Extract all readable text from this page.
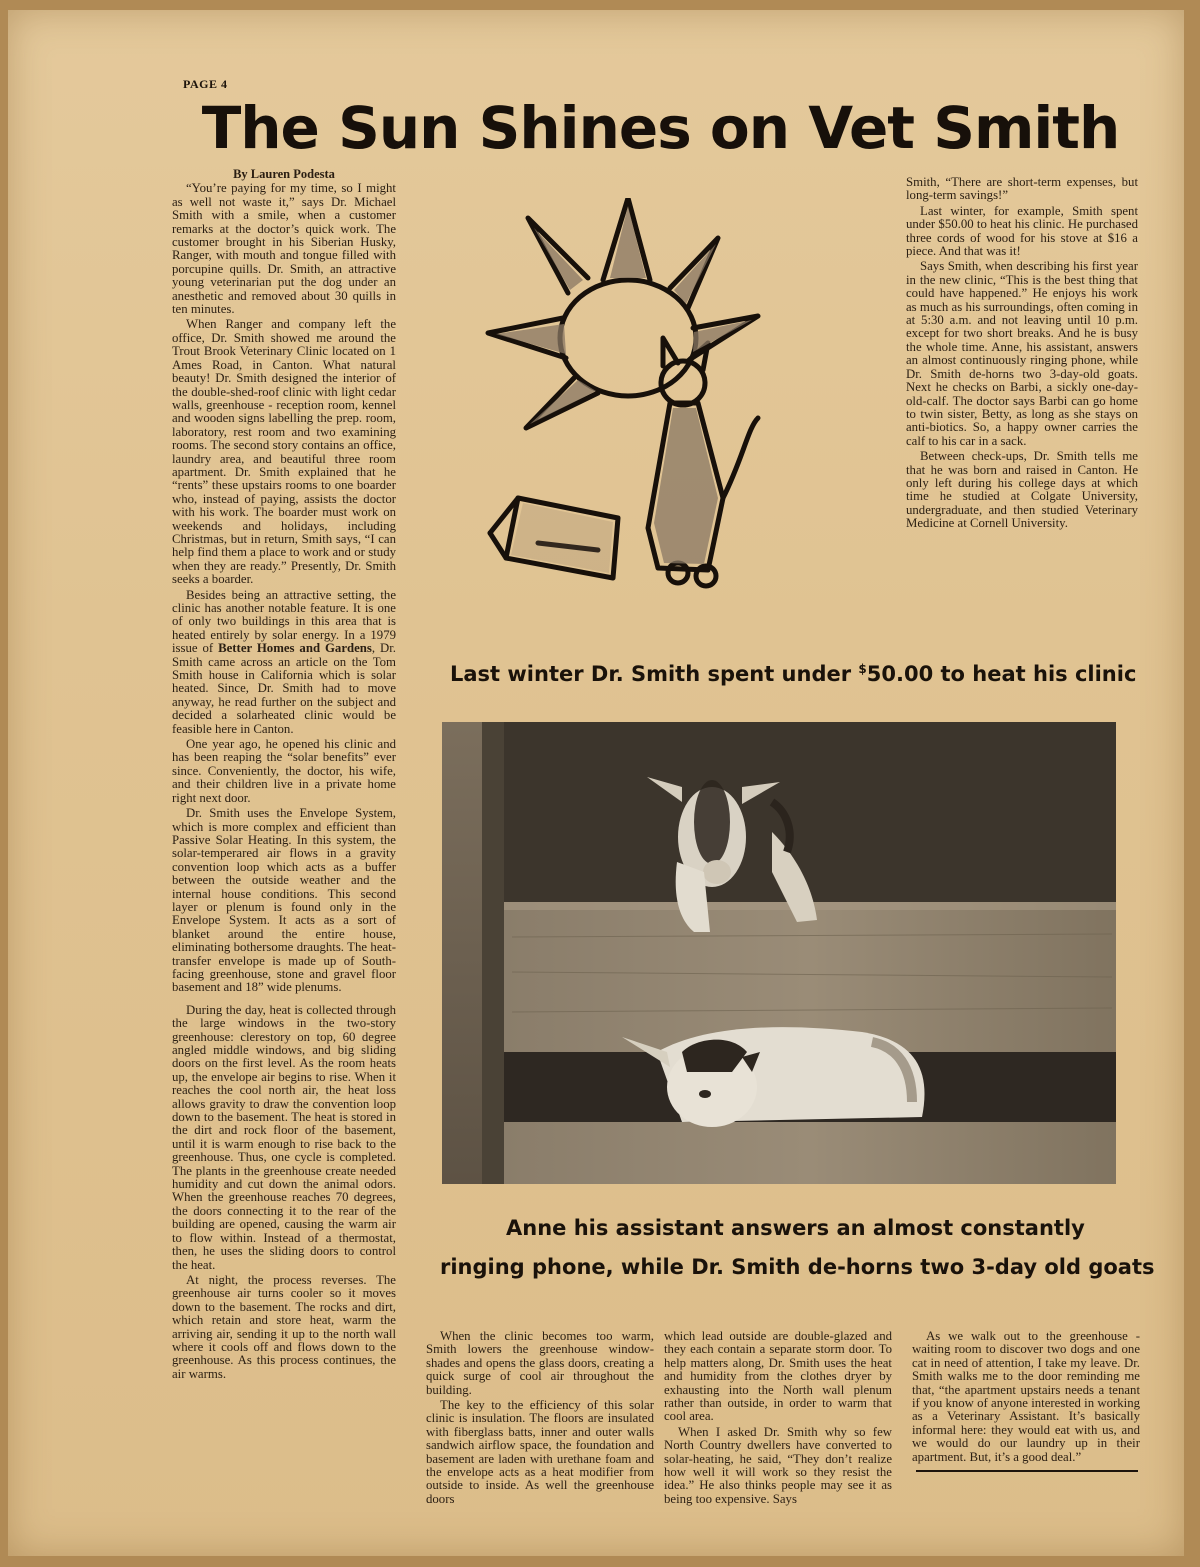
PAGE 4
The Sun Shines on Vet Smith
By Lauren Podesta

“You’re paying for my time, so I might as well not waste it,” says Dr. Michael Smith with a smile, when a customer remarks at the doctor’s quick work. The customer brought in his Siberian Husky, Ranger, with mouth and tongue filled with porcupine quills. Dr. Smith, an attractive young veterinarian put the dog under an anesthetic and removed about 30 quills in ten minutes.

When Ranger and company left the office, Dr. Smith showed me around the Trout Brook Veterinary Clinic located on 1 Ames Road, in Canton. What natural beauty! Dr. Smith designed the interior of the double-shed-roof clinic with light cedar walls, greenhouse - reception room, kennel and wooden signs labelling the prep. room, laboratory, rest room and two examining rooms. The second story contains an office, laundry area, and beautiful three room apartment. Dr. Smith explained that he “rents” these upstairs rooms to one boarder who, instead of paying, assists the doctor with his work. The boarder must work on weekends and holidays, including Christmas, but in return, Smith says, “I can help find them a place to work and or study when they are ready.” Presently, Dr. Smith seeks a boarder.

Besides being an attractive setting, the clinic has another notable feature. It is one of only two buildings in this area that is heated entirely by solar energy. In a 1979 issue of Better Homes and Gardens, Dr. Smith came across an article on the Tom Smith house in California which is solar heated. Since, Dr. Smith had to move anyway, he read further on the subject and decided a solarheated clinic would be feasible here in Canton.

One year ago, he opened his clinic and has been reaping the “solar benefits” ever since. Conveniently, the doctor, his wife, and their children live in a private home right next door.

Dr. Smith uses the Envelope System, which is more complex and efficient than Passive Solar Heating. In this system, the solar-temperared air flows in a gravity convention loop which acts as a buffer between the outside weather and the internal house conditions. This second layer or plenum is found only in the Envelope System. It acts as a sort of blanket around the entire house, eliminating bothersome draughts. The heat-transfer envelope is made up of South-facing greenhouse, stone and gravel floor basement and 18” wide plenums.

During the day, heat is collected through the large windows in the two-story greenhouse: clerestory on top, 60 degree angled middle windows, and big sliding doors on the first level. As the room heats up, the envelope air begins to rise. When it reaches the cool north air, the heat loss allows gravity to draw the convention loop down to the basement. The heat is stored in the dirt and rock floor of the basement, until it is warm enough to rise back to the greenhouse. Thus, one cycle is completed. The plants in the greenhouse create needed humidity and cut down the animal odors. When the greenhouse reaches 70 degrees, the doors connecting it to the rear of the building are opened, causing the warm air to flow within. Instead of a thermostat, then, he uses the sliding doors to control the heat.

At night, the process reverses. The greenhouse air turns cooler so it moves down to the basement. The rocks and dirt, which retain and store heat, warm the arriving air, sending it up to the north wall where it cools off and flows down to the greenhouse. As this process continues, the air warms.

Smith, “There are short-term expenses, but long-term savings!”

Last winter, for example, Smith spent under $50.00 to heat his clinic. He purchased three cords of wood for his stove at $16 a piece. And that was it!

Says Smith, when describing his first year in the new clinic, “This is the best thing that could have happened.” He enjoys his work as much as his surroundings, often coming in at 5:30 a.m. and not leaving until 10 p.m. except for two short breaks. And he is busy the whole time. Anne, his assistant, answers an almost continuously ringing phone, while Dr. Smith de-horns two 3-day-old goats. Next he checks on Barbi, a sickly one-day-old-calf. The doctor says Barbi can go home to twin sister, Betty, as long as she stays on anti-biotics. So, a happy owner carries the calf to his car in a sack.

Between check-ups, Dr. Smith tells me that he was born and raised in Canton. He only left during his college days at which time he studied at Colgate University, undergraduate, and then studied Veterinary Medicine at Cornell University.

Last winter Dr. Smith spent under $50.00 to heat his clinic
Anne his assistant answers an almost constantly
ringing phone, while Dr. Smith de-horns two 3-day old goats

When the clinic becomes too warm, Smith lowers the greenhouse window-shades and opens the glass doors, creating a quick surge of cool air throughout the building.

The key to the efficiency of this solar clinic is insulation. The floors are insulated with fiberglass batts, inner and outer walls sandwich airflow space, the foundation and basement are laden with urethane foam and the envelope acts as a heat modifier from outside to inside. As well the greenhouse doors

which lead outside are double-glazed and they each contain a separate storm door. To help matters along, Dr. Smith uses the heat and humidity from the clothes dryer by exhausting into the North wall plenum rather than outside, in order to warm that cool area.

When I asked Dr. Smith why so few North Country dwellers have converted to solar-heating, he said, “They don’t realize how well it will work so they resist the idea.” He also thinks people may see it as being too expensive. Says

As we walk out to the greenhouse - waiting room to discover two dogs and one cat in need of attention, I take my leave. Dr. Smith walks me to the door reminding me that, “the apartment upstairs needs a tenant if you know of anyone interested in working as a Veterinary Assistant. It’s basically informal here: they would eat with us, and we would do our laundry up in their apartment. But, it’s a good deal.”
